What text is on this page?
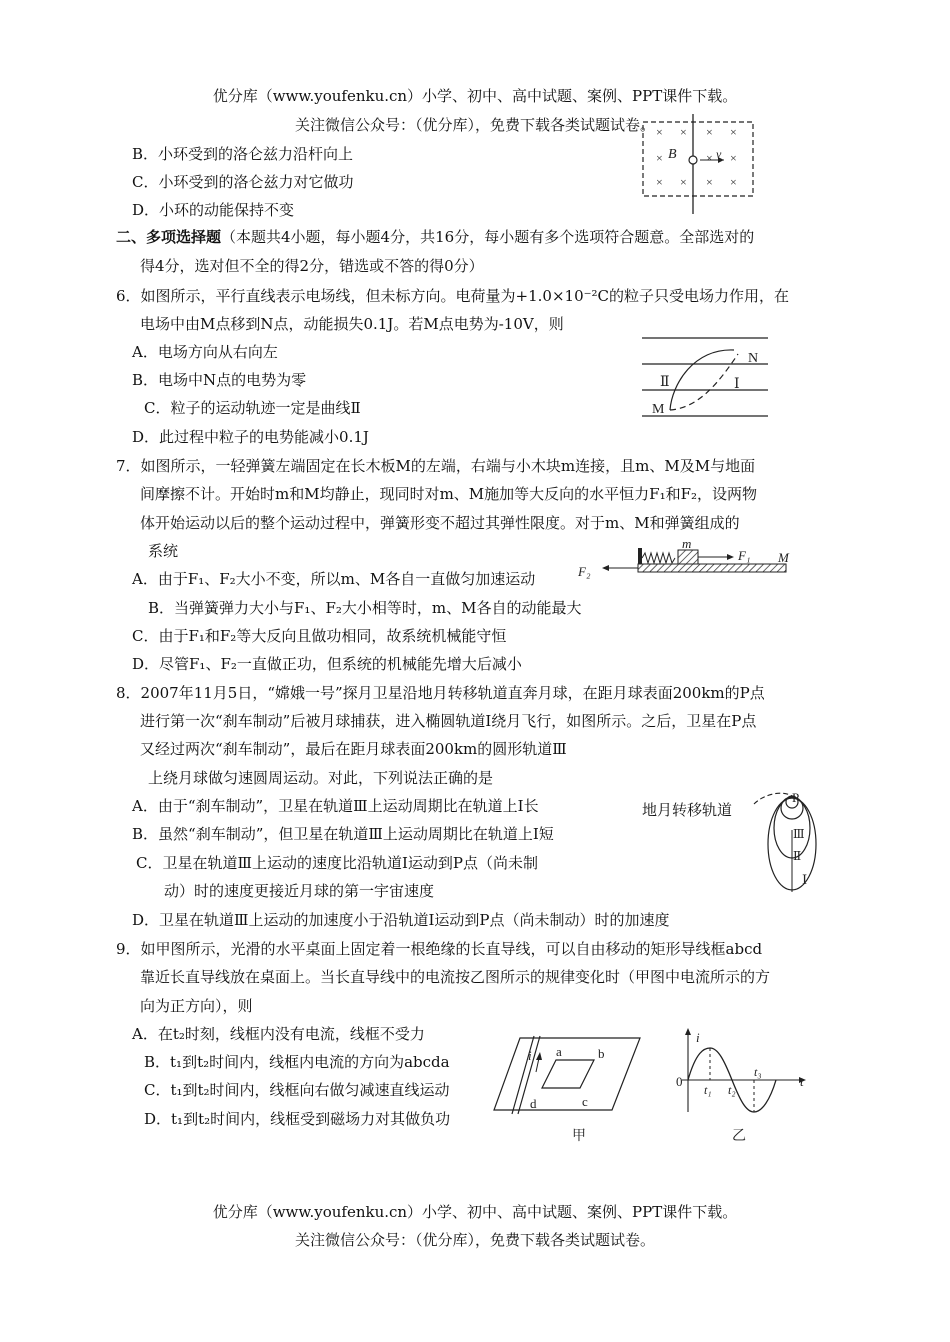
优分库（www.youfenku.cn）小学、初中、高中试题、案例、PPT课件下载。
关注微信公众号：（优分库），免费下载各类试题试卷。
B．小环受到的洛仑兹力沿杆向上
C．小环受到的洛仑兹力对它做功
D．小环的动能保持不变
× × × ×
×	× ×
× × × ×
B	v
二、多项选择题（本题共4小题，每小题4分，共16分，每小题有多个选项符合题意。全部选对的
得4分，选对但不全的得2分，错选或不答的得0分）
6．如图所示，平行直线表示电场线，但未标方向。电荷量为+1.0×10⁻²C的粒子只受电场力作用，在
电场中由M点移到N点，动能损失0.1J。若M点电势为-10V，则
A．电场方向从右向左
B．电场中N点的电势为零
C．粒子的运动轨迹一定是曲线Ⅱ
D．此过程中粒子的电势能减小0.1J
N
M
Ⅰ
Ⅱ
7．如图所示，一轻弹簧左端固定在长木板M的左端，右端与小木块m连接，且m、M及M与地面
间摩擦不计。开始时m和M均静止，现同时对m、M施加等大反向的水平恒力F₁和F₂，设两物
体开始运动以后的整个运动过程中，弹簧形变不超过其弹性限度。对于m、M和弹簧组成的
系统
A．由于F₁、F₂大小不变，所以m、M各自一直做匀加速运动
B．当弹簧弹力大小与F₁、F₂大小相等时，m、M各自的动能最大
C．由于F₁和F₂等大反向且做功相同，故系统机械能守恒
D．尽管F₁、F₂一直做正功，但系统的机械能先增大后减小
m
F₁ M
F₂
8．2007年11月5日，“嫦娥一号”探月卫星沿地月转移轨道直奔月球，在距月球表面200km的P点
进行第一次“刹车制动”后被月球捕获，进入椭圆轨道Ⅰ绕月飞行，如图所示。之后，卫星在P点
又经过两次“刹车制动”，最后在距月球表面200km的圆形轨道Ⅲ
上绕月球做匀速圆周运动。对此，下列说法正确的是
A．由于“刹车制动”，卫星在轨道Ⅲ上运动周期比在轨道上Ⅰ长
B．虽然“刹车制动”，但卫星在轨道Ⅲ上运动周期比在轨道上Ⅰ短
C．卫星在轨道Ⅲ上运动的速度比沿轨道Ⅰ运动到P点（尚未制
动）时的速度更接近月球的第一宇宙速度
D．卫星在轨道Ⅲ上运动的加速度小于沿轨道Ⅰ运动到P点（尚未制动）时的加速度
地月转移轨道
P
Ⅲ
Ⅱ
Ⅰ
9．如甲图所示，光滑的水平桌面上固定着一根绝缘的长直导线，可以自由移动的矩形导线框abcd
靠近长直导线放在桌面上。当长直导线中的电流按乙图所示的规律变化时（甲图中电流所示的方
向为正方向），则
A．在t₂时刻，线框内没有电流，线框不受力
B．t₁到t₂时间内，线框内电流的方向为abcda
C．t₁到t₂时间内，线框向右做匀减速直线运动
D．t₁到t₂时间内，线框受到磁场力对其做负功
i a	b
c
d
甲
i
0	t
t₁ t₂
t₃
乙
优分库（www.youfenku.cn）小学、初中、高中试题、案例、PPT课件下载。
关注微信公众号：（优分库），免费下载各类试题试卷。
